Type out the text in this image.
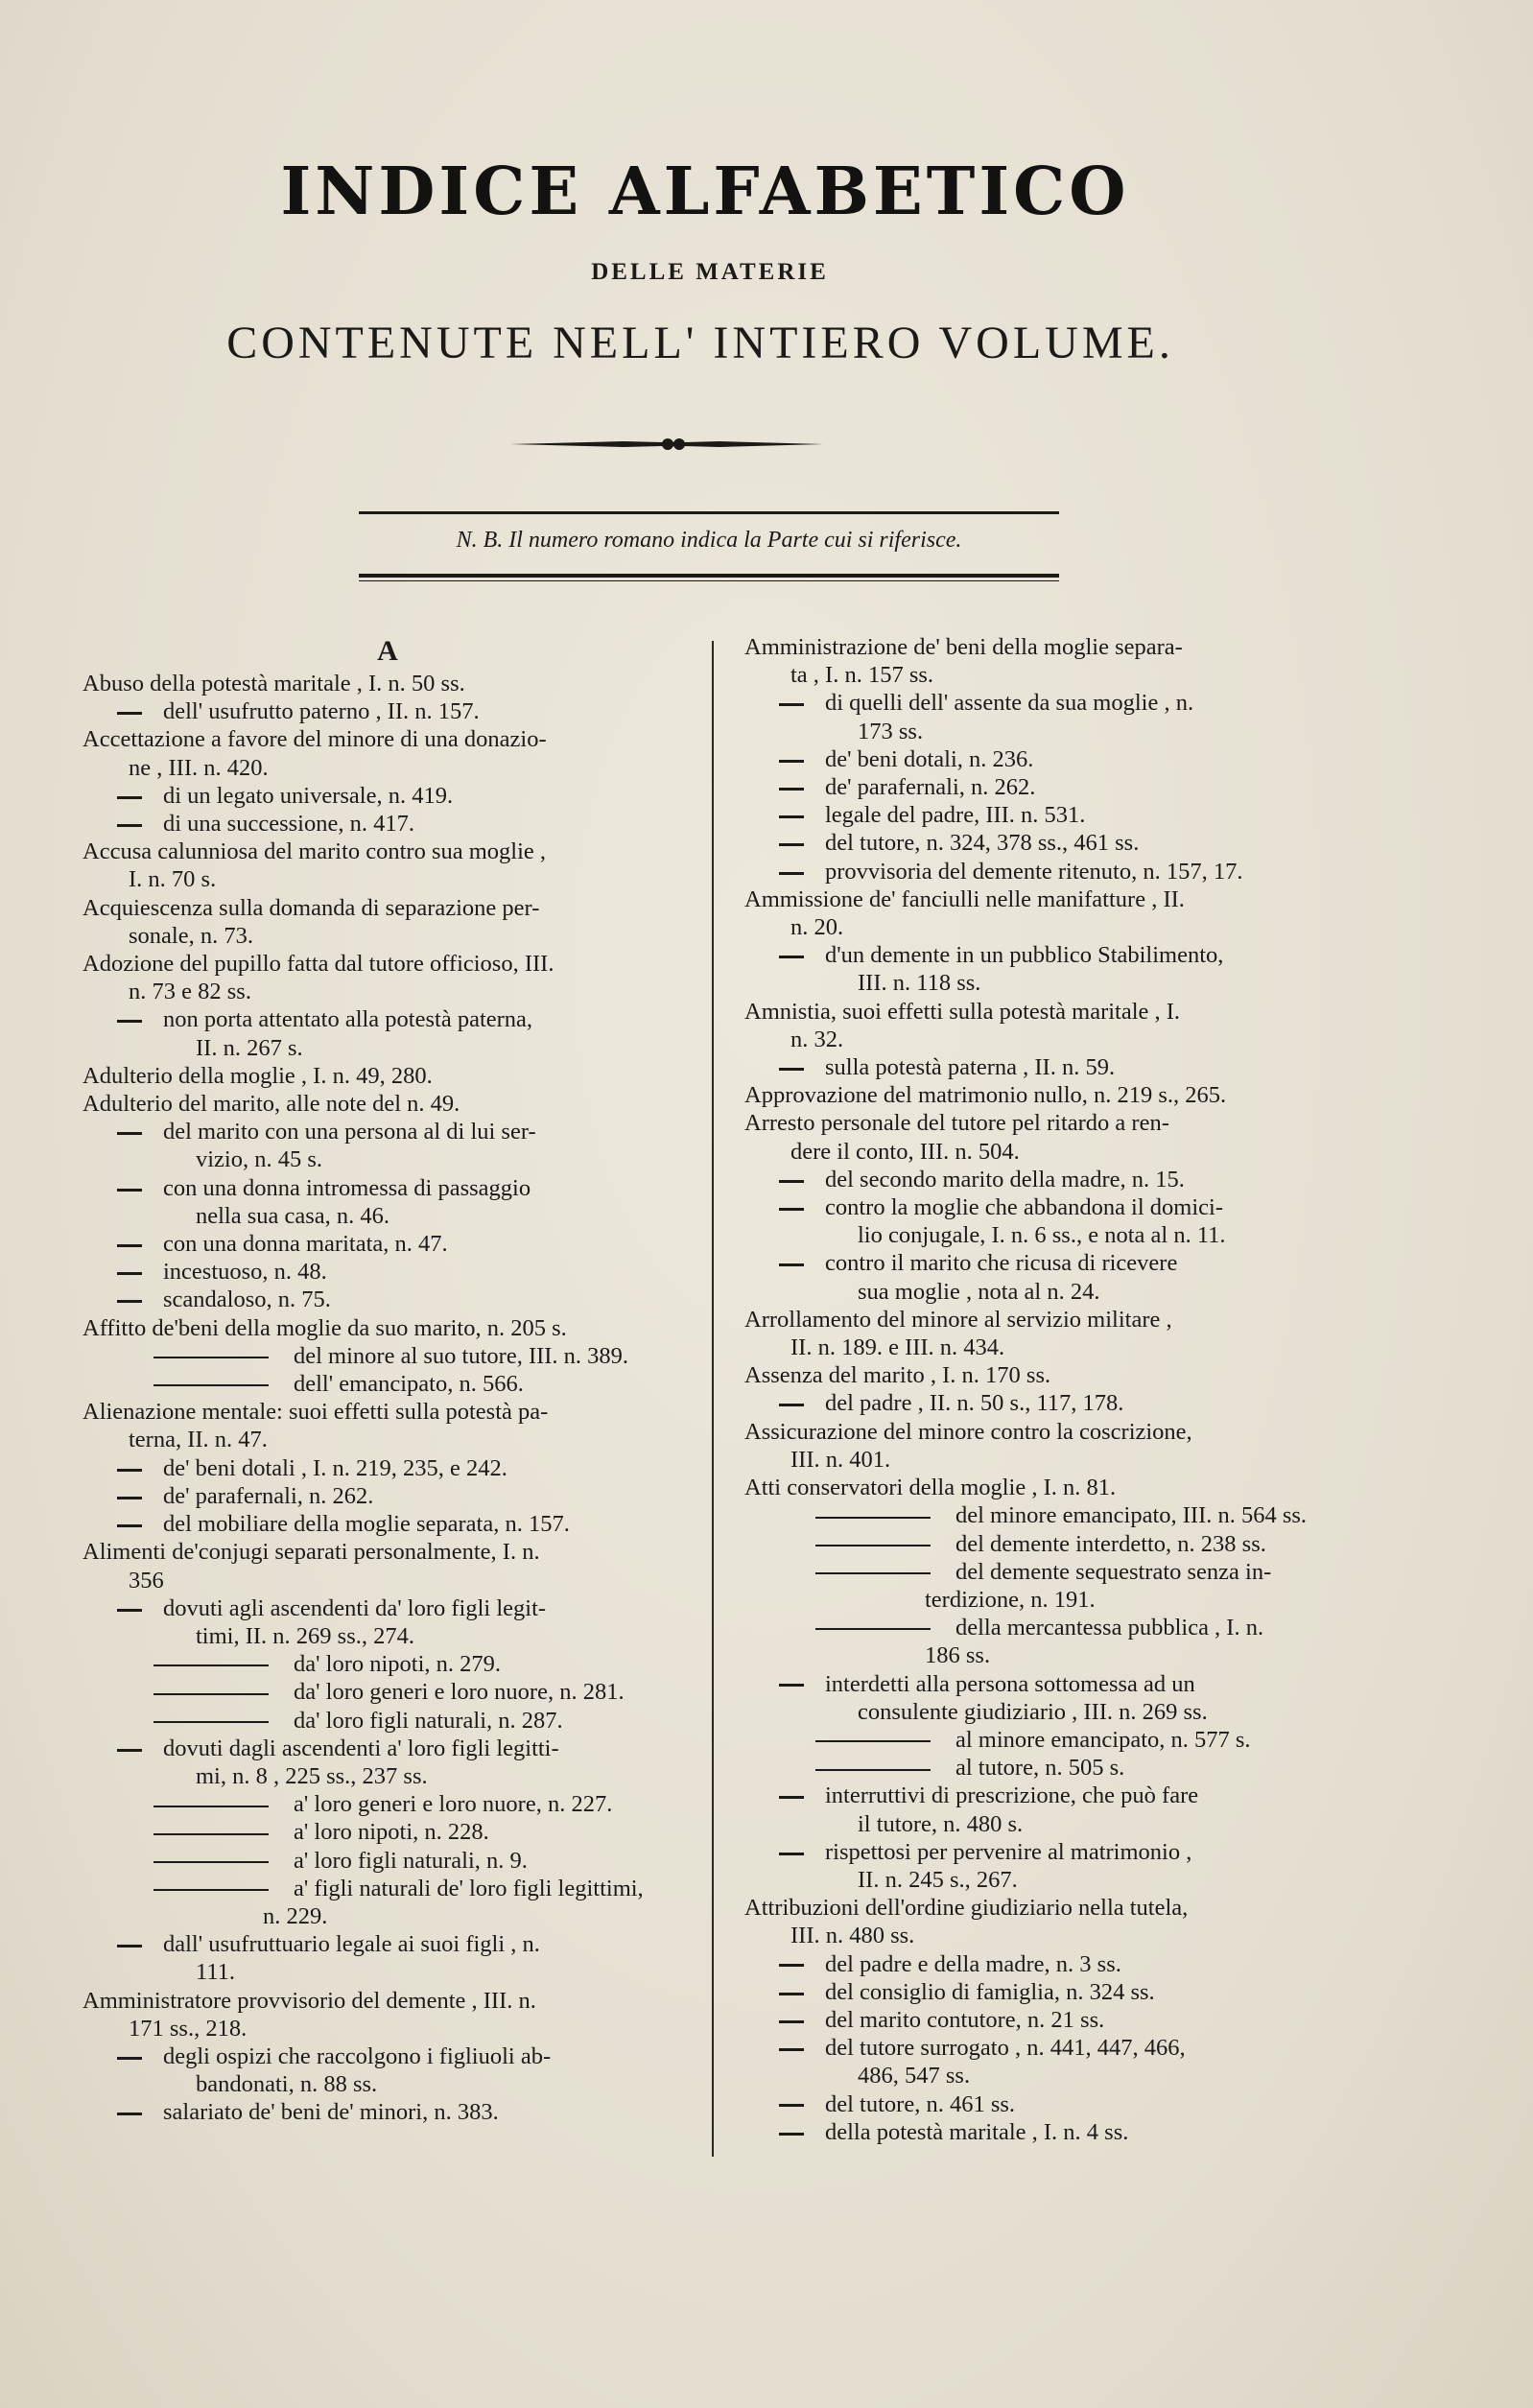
INDICE ALFABETICO
DELLE MATERIE
CONTENUTE NELL' INTIERO VOLUME.
N. B. Il numero romano indica la Parte cui si riferisce.
A
Abuso della potestà maritale , I. n. 50 ss.
dell' usufrutto paterno , II. n. 157.
Accettazione a favore del minore di una donazio-
ne , III. n. 420.
di un legato universale, n. 419.
di una successione, n. 417.
Accusa calunniosa del marito contro sua moglie ,
I. n. 70 s.
Acquiescenza sulla domanda di separazione per-
sonale, n. 73.
Adozione del pupillo fatta dal tutore officioso, III.
n. 73 e 82 ss.
non porta attentato alla potestà paterna,
II. n. 267 s.
Adulterio della moglie , I. n. 49, 280.
Adulterio del marito, alle note del n. 49.
del marito con una persona al di lui ser-
vizio, n. 45 s.
con una donna intromessa di passaggio
nella sua casa, n. 46.
con una donna maritata, n. 47.
incestuoso, n. 48.
scandaloso, n. 75.
Affitto de'beni della moglie da suo marito, n. 205 s.
del minore al suo tutore, III. n. 389.
dell' emancipato, n. 566.
Alienazione mentale: suoi effetti sulla potestà pa-
terna, II. n. 47.
de' beni dotali , I. n. 219, 235, e 242.
de' parafernali, n. 262.
del mobiliare della moglie separata, n. 157.
Alimenti de'conjugi separati personalmente, I. n.
356
dovuti agli ascendenti da' loro figli legit-
timi, II. n. 269 ss., 274.
da' loro nipoti, n. 279.
da' loro generi e loro nuore, n. 281.
da' loro figli naturali, n. 287.
dovuti dagli ascendenti a' loro figli legitti-
mi, n. 8 , 225 ss., 237 ss.
a' loro generi e loro nuore, n. 227.
a' loro nipoti, n. 228.
a' loro figli naturali, n. 9.
a' figli naturali de' loro figli legittimi,
n. 229.
dall' usufruttuario legale ai suoi figli , n.
111.
Amministratore provvisorio del demente , III. n.
171 ss., 218.
degli ospizi che raccolgono i figliuoli ab-
bandonati, n. 88 ss.
salariato de' beni de' minori, n. 383.
Amministrazione de' beni della moglie separa-
ta , I. n. 157 ss.
di quelli dell' assente da sua moglie , n.
173 ss.
de' beni dotali, n. 236.
de' parafernali, n. 262.
legale del padre, III. n. 531.
del tutore, n. 324, 378 ss., 461 ss.
provvisoria del demente ritenuto, n. 157, 17.
Ammissione de' fanciulli nelle manifatture , II.
n. 20.
d'un demente in un pubblico Stabilimento,
III. n. 118 ss.
Amnistia, suoi effetti sulla potestà maritale , I.
n. 32.
sulla potestà paterna , II. n. 59.
Approvazione del matrimonio nullo, n. 219 s., 265.
Arresto personale del tutore pel ritardo a ren-
dere il conto, III. n. 504.
del secondo marito della madre, n. 15.
contro la moglie che abbandona il domici-
lio conjugale, I. n. 6 ss., e nota al n. 11.
contro il marito che ricusa di ricevere
sua moglie , nota al n. 24.
Arrollamento del minore al servizio militare ,
II. n. 189. e III. n. 434.
Assenza del marito , I. n. 170 ss.
del padre , II. n. 50 s., 117, 178.
Assicurazione del minore contro la coscrizione,
III. n. 401.
Atti conservatori della moglie , I. n. 81.
del minore emancipato, III. n. 564 ss.
del demente interdetto, n. 238 ss.
del demente sequestrato senza in-
terdizione, n. 191.
della mercantessa pubblica , I. n.
186 ss.
interdetti alla persona sottomessa ad un
consulente giudiziario , III. n. 269 ss.
al minore emancipato, n. 577 s.
al tutore, n. 505 s.
interruttivi di prescrizione, che può fare
il tutore, n. 480 s.
rispettosi per pervenire al matrimonio ,
II. n. 245 s., 267.
Attribuzioni dell'ordine giudiziario nella tutela,
III. n. 480 ss.
del padre e della madre, n. 3 ss.
del consiglio di famiglia, n. 324 ss.
del marito contutore, n. 21 ss.
del tutore surrogato , n. 441, 447, 466,
486, 547 ss.
del tutore, n. 461 ss.
della potestà maritale , I. n. 4 ss.
